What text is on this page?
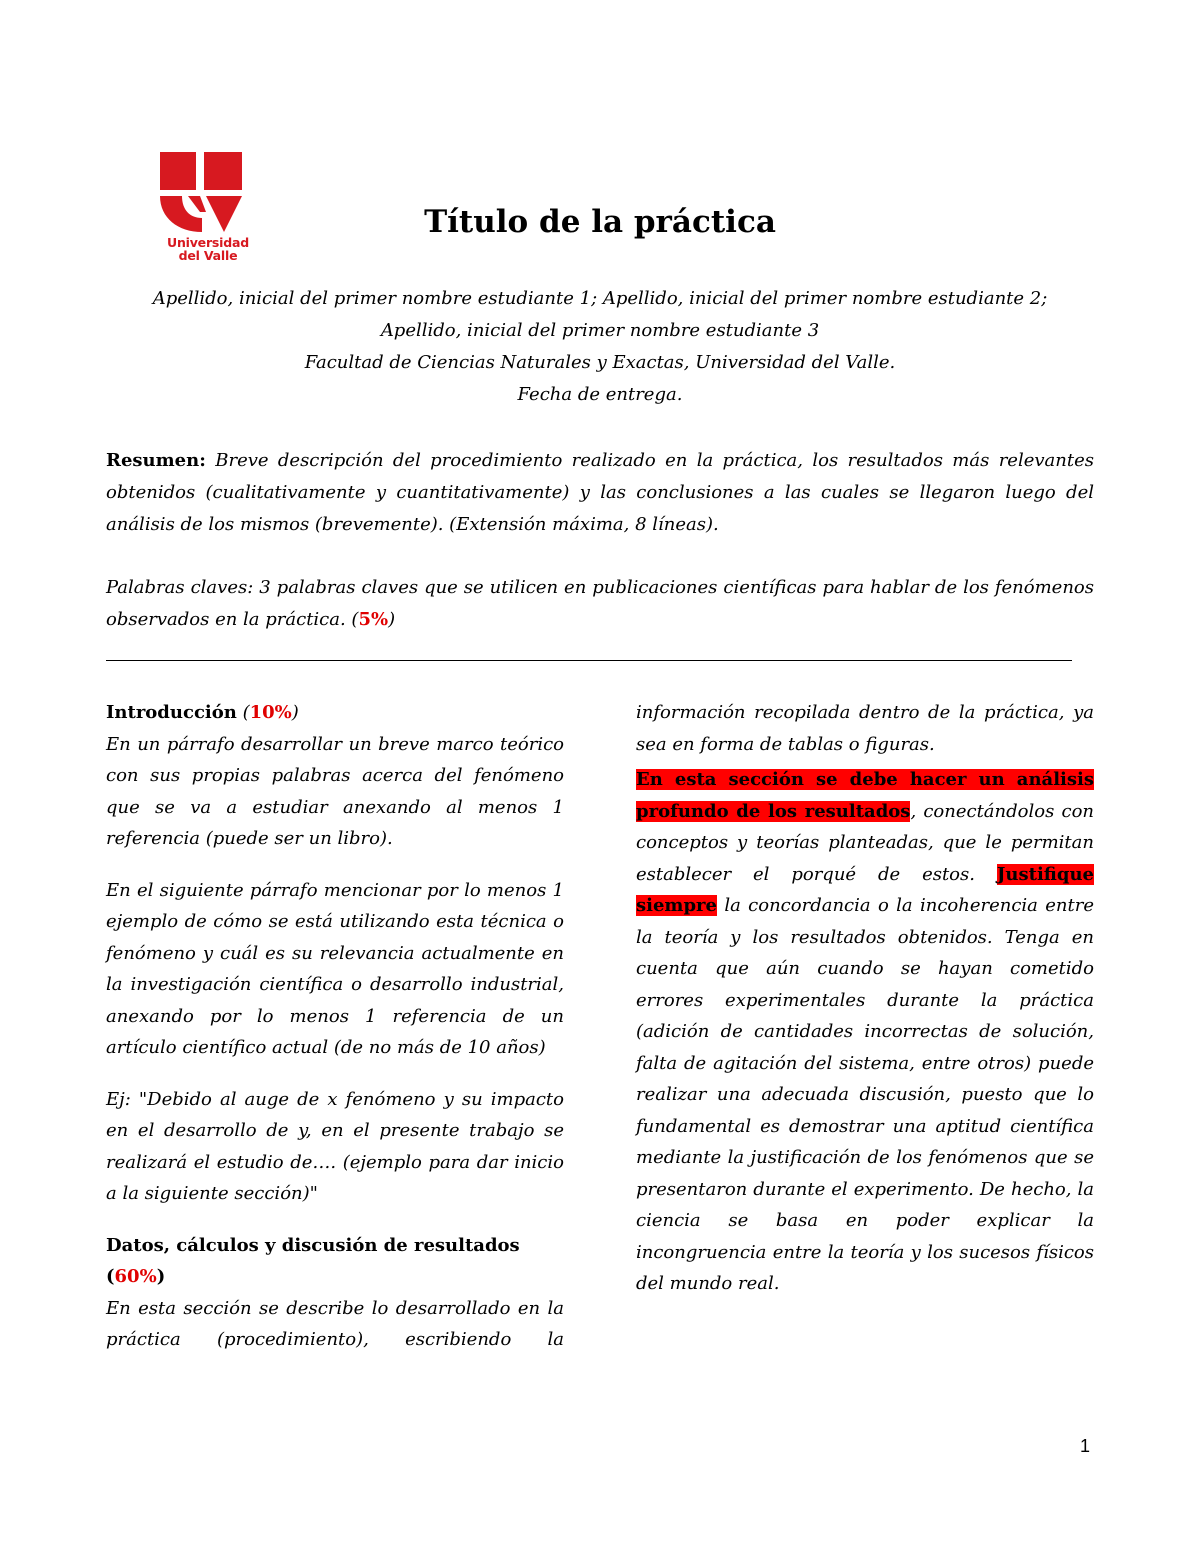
Universidad
del Valle
Título de la práctica
Apellido, inicial del primer nombre estudiante 1; Apellido, inicial del primer nombre estudiante 2;
Apellido, inicial del primer nombre estudiante 3
Facultad de Ciencias Naturales y Exactas, Universidad del Valle.
Fecha de entrega.
Resumen: Breve descripción del procedimiento realizado en la práctica, los resultados más relevantes obtenidos (cualitativamente y cuantitativamente) y las conclusiones a las cuales se llegaron luego del análisis de los mismos (brevemente). (Extensión máxima, 8 líneas).
Palabras claves: 3 palabras claves que se utilicen en publicaciones científicas para hablar de los fenómenos observados en la práctica. (5%)
Introducción (10%)

En un párrafo desarrollar un breve marco teórico con sus propias palabras acerca del fenómeno que se va a estudiar anexando al menos 1 referencia (puede ser un libro).

En el siguiente párrafo mencionar por lo menos 1 ejemplo de cómo se está utilizando esta técnica o fenómeno y cuál es su relevancia actualmente en la investigación científica o desarrollo industrial, anexando por lo menos 1 referencia de un artículo científico actual (de no más de 10 años)

Ej: "Debido al auge de x fenómeno y su impacto en el desarrollo de y, en el presente trabajo se realizará el estudio de…. (ejemplo para dar inicio a la siguiente sección)"

Datos, cálculos y discusión de resultados
(60%)

En esta sección se describe lo desarrollado en la práctica (procedimiento), escribiendo la

información recopilada dentro de la práctica, ya sea en forma de tablas o figuras.

En esta sección se debe hacer un análisis profundo de los resultados, conectándolos con conceptos y teorías planteadas, que le permitan establecer el porqué de estos. Justifique siempre la concordancia o la incoherencia entre la teoría y los resultados obtenidos. Tenga en cuenta que aún cuando se hayan cometido errores experimentales durante la práctica (adición de cantidades incorrectas de solución, falta de agitación del sistema, entre otros) puede realizar una adecuada discusión, puesto que lo fundamental es demostrar una aptitud científica mediante la justificación de los fenómenos que se presentaron durante el experimento. De hecho, la ciencia se basa en poder explicar la incongruencia entre la teoría y los sucesos físicos del mundo real.

1
